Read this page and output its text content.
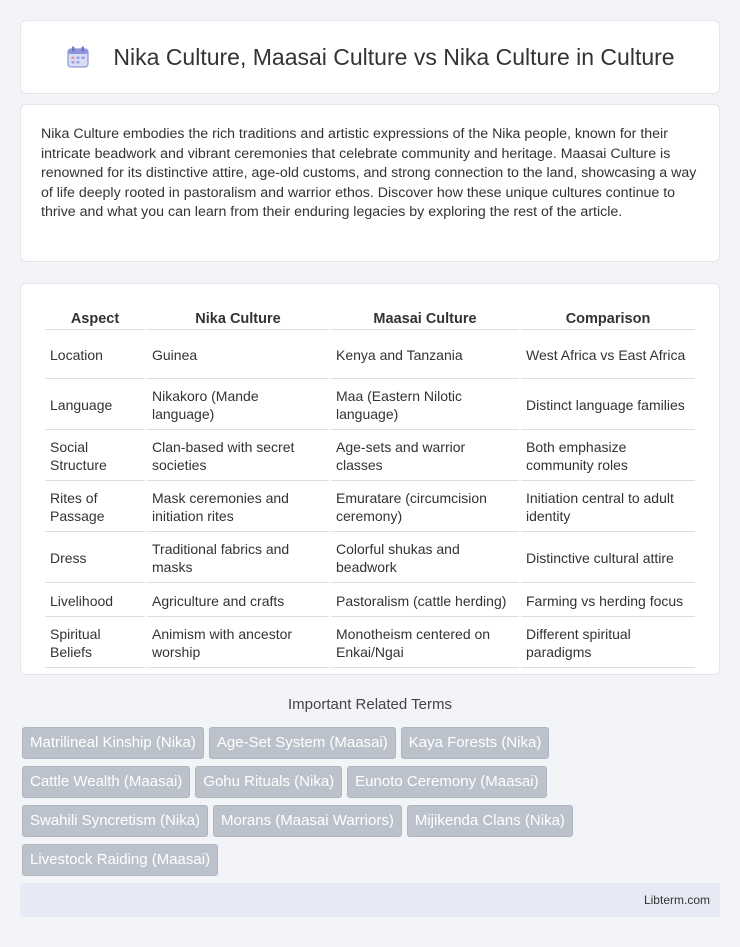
Nika Culture, Maasai Culture vs Nika Culture in Culture

Nika Culture embodies the rich traditions and artistic expressions of the Nika people, known for their intricate beadwork and vibrant ceremonies that celebrate community and heritage. Maasai Culture is renowned for its distinctive attire, age-old customs, and strong connection to the land, showcasing a way of life deeply rooted in pastoralism and warrior ethos. Discover how these unique cultures continue to thrive and what you can learn from their enduring legacies by exploring the rest of the article.

Aspect	Nika Culture	Maasai Culture	Comparison
Location	Guinea	Kenya and Tanzania	West Africa vs East Africa
Language	Nikakoro (Mande language)	Maa (Eastern Nilotic language)	Distinct language families
Social Structure	Clan-based with secret societies	Age-sets and warrior classes	Both emphasize community roles
Rites of Passage	Mask ceremonies and initiation rites	Emuratare (circumcision ceremony)	Initiation central to adult identity
Dress	Traditional fabrics and masks	Colorful shukas and beadwork	Distinctive cultural attire
Livelihood	Agriculture and crafts	Pastoralism (cattle herding)	Farming vs herding focus
Spiritual Beliefs	Animism with ancestor worship	Monotheism centered on Enkai/Ngai	Different spiritual paradigms
Important Related Terms
Matrilineal Kinship (Nika) Age-Set System (Maasai) Kaya Forests (Nika)
Cattle Wealth (Maasai) Gohu Rituals (Nika) Eunoto Ceremony (Maasai)
Swahili Syncretism (Nika) Morans (Maasai Warriors) Mijikenda Clans (Nika)
Livestock Raiding (Maasai)
Libterm.com
